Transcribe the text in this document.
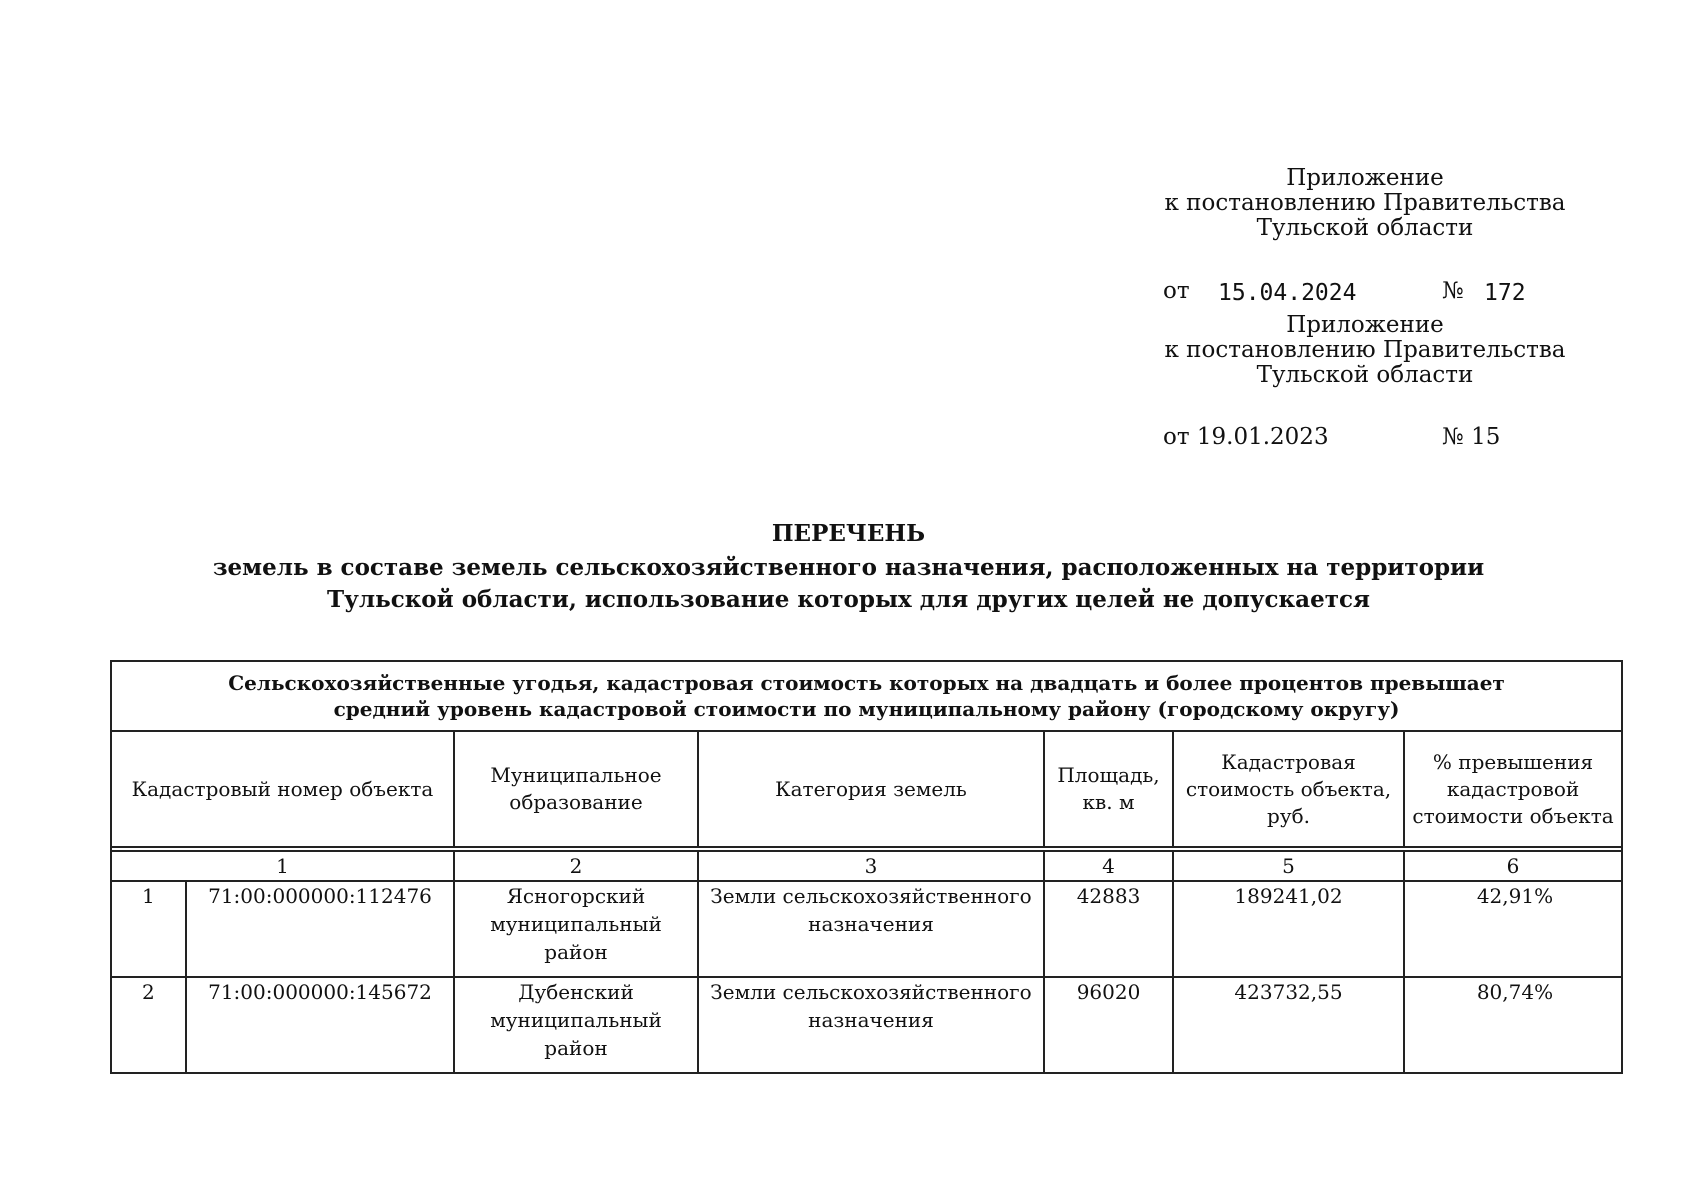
Приложение
к постановлению Правительства
Тульской области
от 15.04.2024	№ 172
Приложение
к постановлению Правительства
Тульской области
от 19.01.2023	№ 15
ПЕРЕЧЕНЬ
земель в составе земель сельскохозяйственного назначения, расположенных на территории
Тульской области, использование которых для других целей не допускается
Сельскохозяйственные угодья, кадастровая стоимость которых на двадцать и более процентов превышает
средний уровень кадастровой стоимости по муниципальному району (городскому округу)						

Кадастровый номер объекта		Муниципальное образование	Категория земель	Площадь, кв. м	Кадастровая стоимость объекта, руб.	% превышения кадастровой стоимости объекта

1		2	3	4	5	6
1	71:00:000000:112476	Ясногорский муниципальный район	Земли сельскохозяйственного назначения	42883	189241,02	42,91%
2	71:00:000000:145672	Дубенский муниципальный район	Земли сельскохозяйственного назначения	96020	423732,55	80,74%
